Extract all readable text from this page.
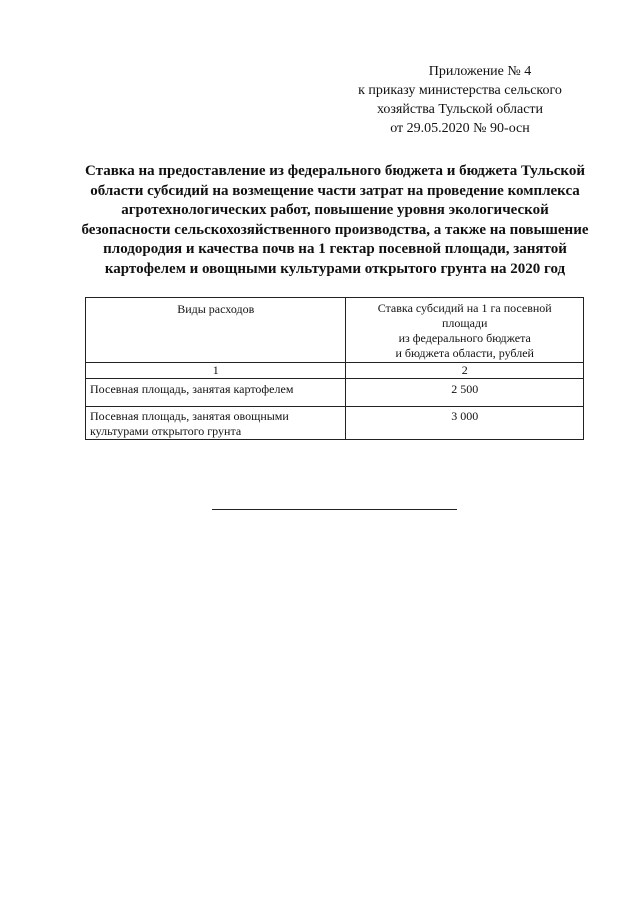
Приложение № 4
к приказу министерства сельского
хозяйства Тульской области
от 29.05.2020 № 90-осн
Ставка на предоставление из федерального бюджета и бюджета Тульской
области субсидий на возмещение части затрат на проведение комплекса
агротехнологических работ, повышение уровня экологической
безопасности сельскохозяйственного производства, а также на повышение
плодородия и качества почв на 1 гектар посевной площади, занятой
картофелем и овощными культурами открытого грунта на 2020 год
Виды расходов	Ставка субсидий на 1 га посевной
площади
из федерального бюджета
и бюджета области, рублей

1	2

Посевная площадь, занятая картофелем	2 500

Посевная площадь, занятая овощными
культурами открытого грунта	3 000
